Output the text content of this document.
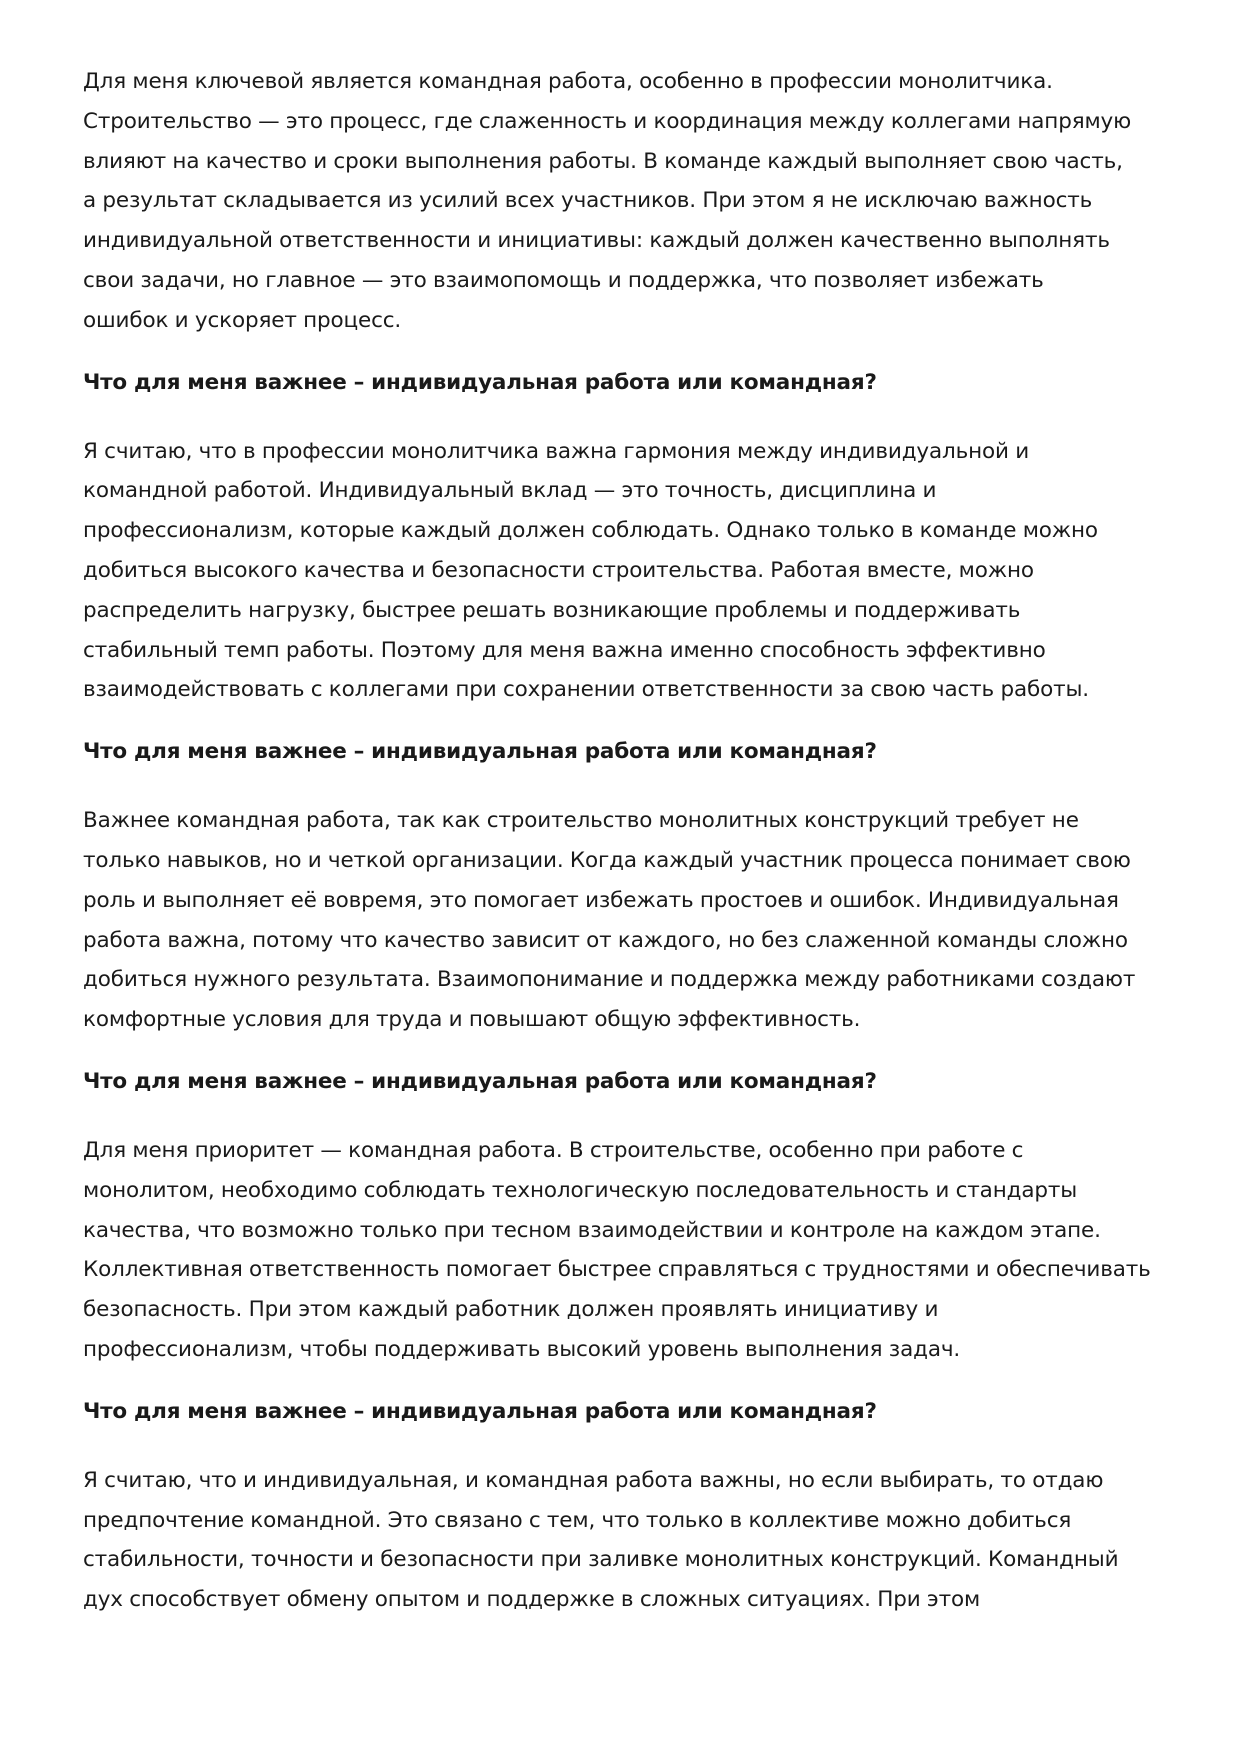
Для меня ключевой является командная работа, особенно в профессии монолитчика.
Строительство — это процесс, где слаженность и координация между коллегами напрямую
влияют на качество и сроки выполнения работы. В команде каждый выполняет свою часть,
а результат складывается из усилий всех участников. При этом я не исключаю важность
индивидуальной ответственности и инициативы: каждый должен качественно выполнять
свои задачи, но главное — это взаимопомощь и поддержка, что позволяет избежать
ошибок и ускоряет процесс.

Что для меня важнее – индивидуальная работа или командная?

Я считаю, что в профессии монолитчика важна гармония между индивидуальной и
командной работой. Индивидуальный вклад — это точность, дисциплина и
профессионализм, которые каждый должен соблюдать. Однако только в команде можно
добиться высокого качества и безопасности строительства. Работая вместе, можно
распределить нагрузку, быстрее решать возникающие проблемы и поддерживать
стабильный темп работы. Поэтому для меня важна именно способность эффективно
взаимодействовать с коллегами при сохранении ответственности за свою часть работы.

Что для меня важнее – индивидуальная работа или командная?

Важнее командная работа, так как строительство монолитных конструкций требует не
только навыков, но и четкой организации. Когда каждый участник процесса понимает свою
роль и выполняет её вовремя, это помогает избежать простоев и ошибок. Индивидуальная
работа важна, потому что качество зависит от каждого, но без слаженной команды сложно
добиться нужного результата. Взаимопонимание и поддержка между работниками создают
комфортные условия для труда и повышают общую эффективность.

Что для меня важнее – индивидуальная работа или командная?

Для меня приоритет — командная работа. В строительстве, особенно при работе с
монолитом, необходимо соблюдать технологическую последовательность и стандарты
качества, что возможно только при тесном взаимодействии и контроле на каждом этапе.
Коллективная ответственность помогает быстрее справляться с трудностями и обеспечивать
безопасность. При этом каждый работник должен проявлять инициативу и
профессионализм, чтобы поддерживать высокий уровень выполнения задач.

Что для меня важнее – индивидуальная работа или командная?

Я считаю, что и индивидуальная, и командная работа важны, но если выбирать, то отдаю
предпочтение командной. Это связано с тем, что только в коллективе можно добиться
стабильности, точности и безопасности при заливке монолитных конструкций. Командный
дух способствует обмену опытом и поддержке в сложных ситуациях. При этом
